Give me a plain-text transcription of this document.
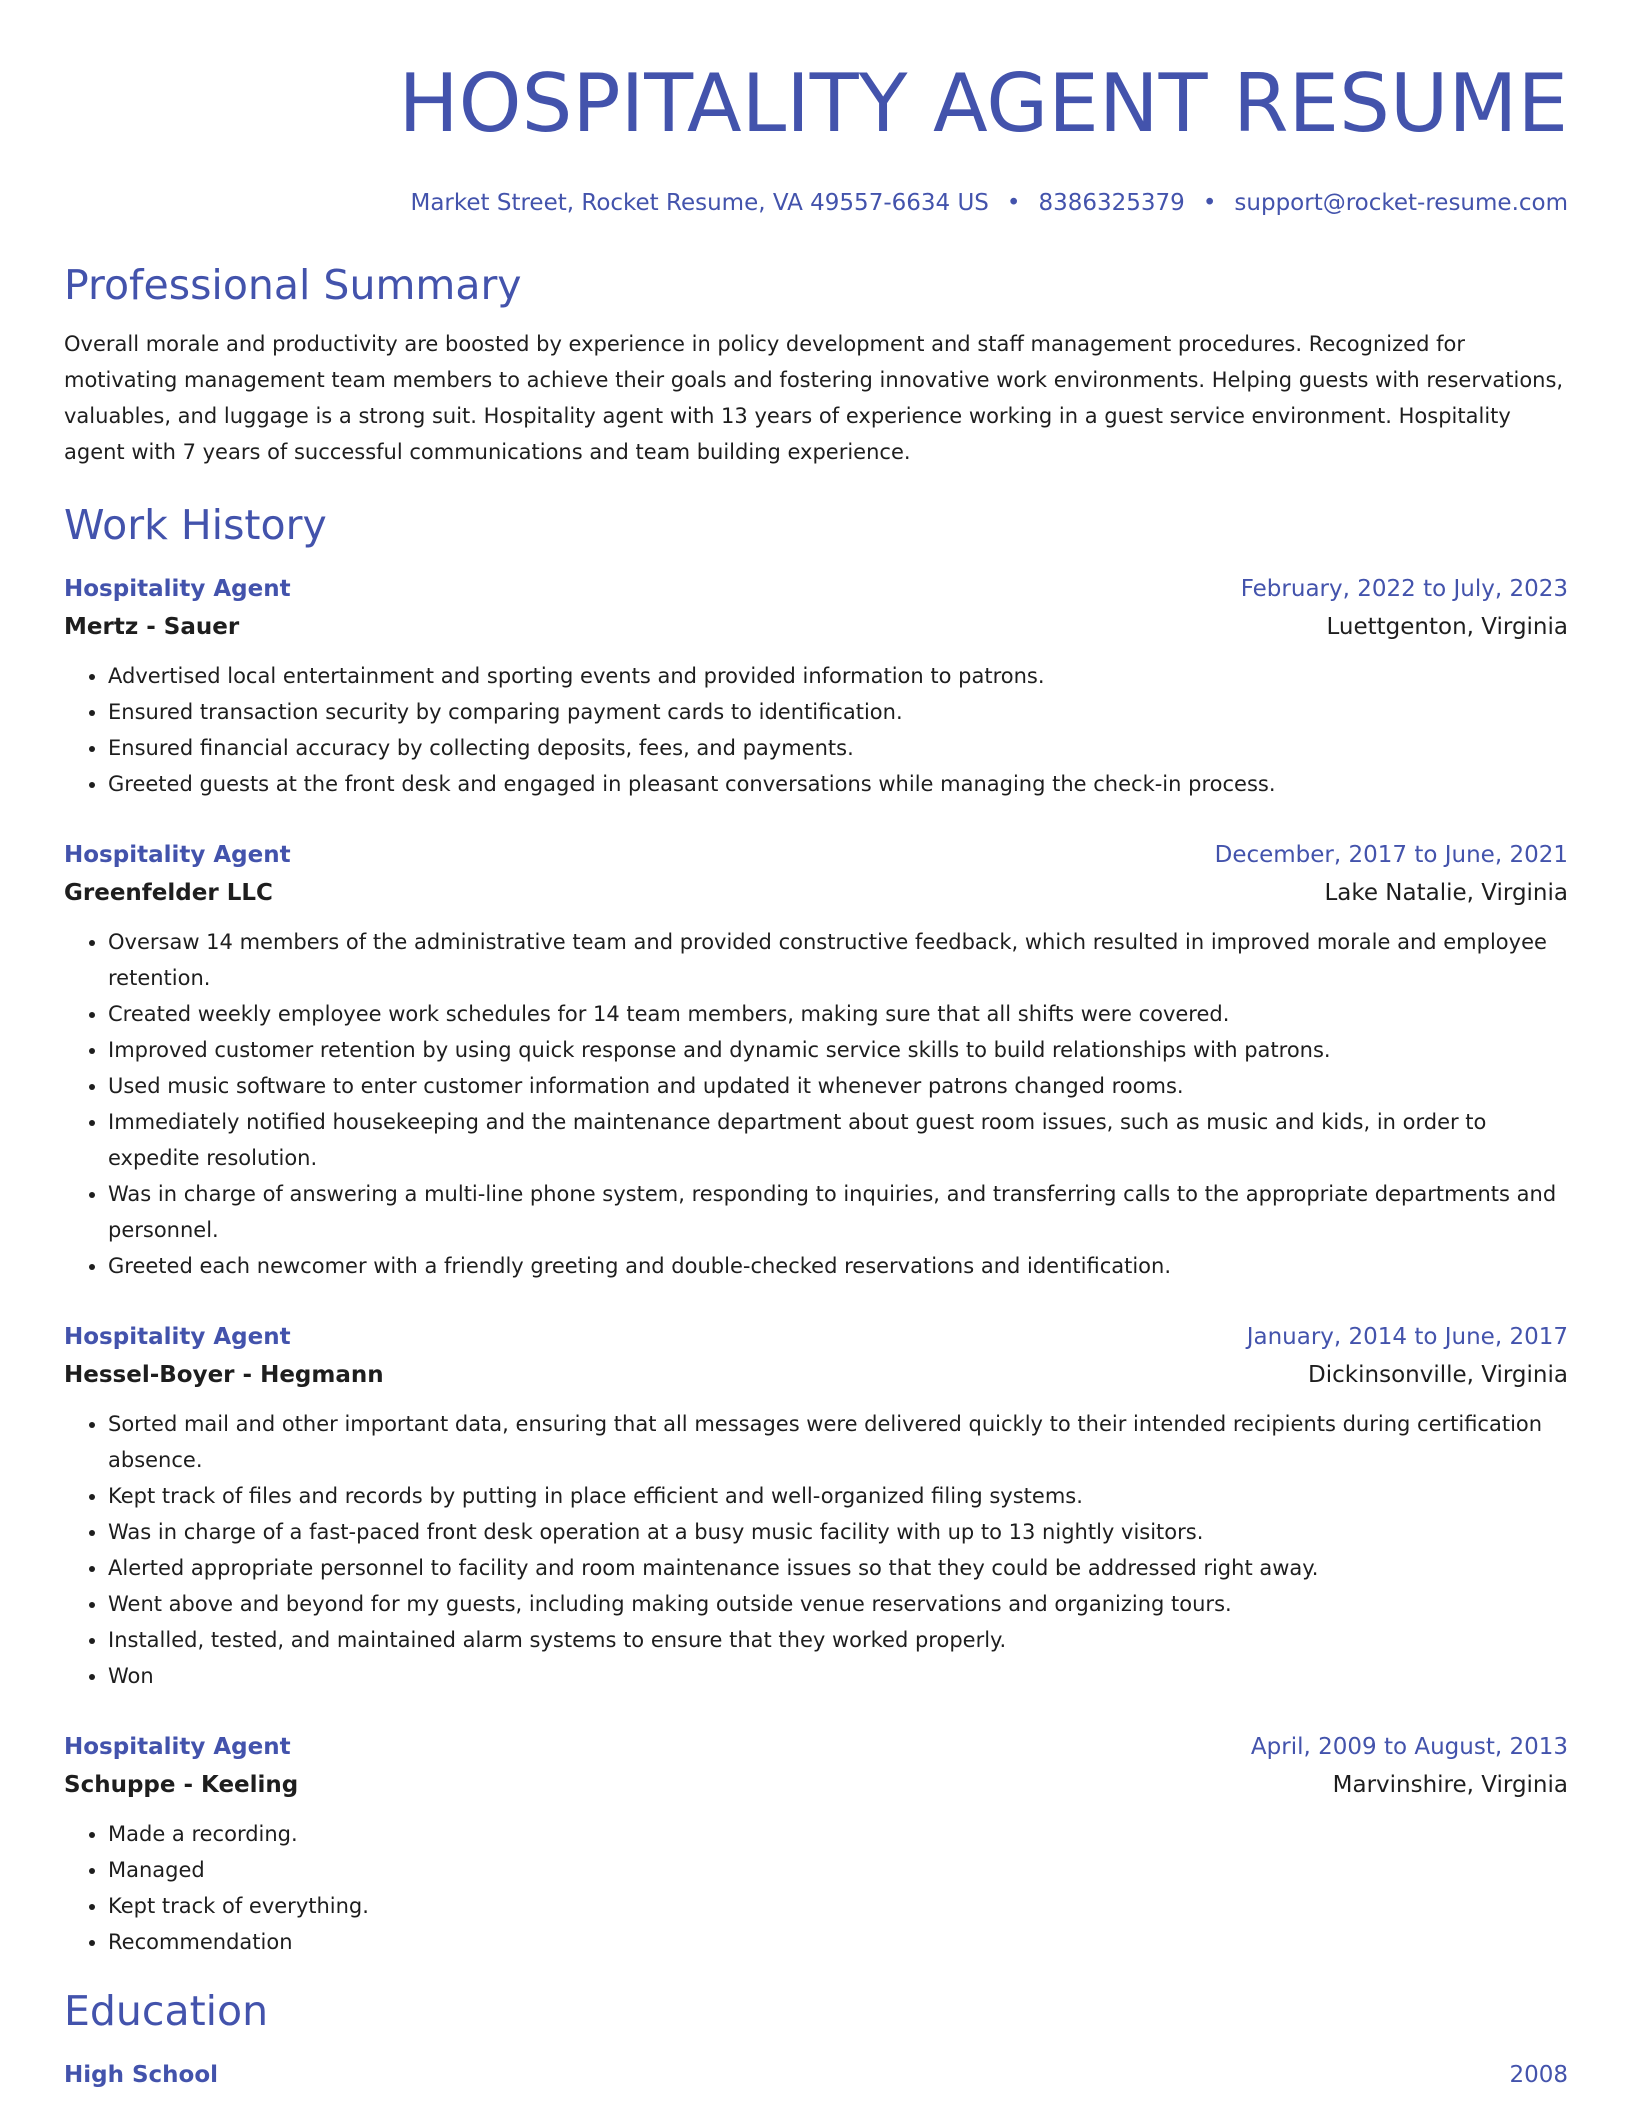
HOSPITALITY AGENT RESUME
Market Street, Rocket Resume, VA 49557-6634 US • 8386325379 • support@rocket-resume.com
Professional Summary

Overall morale and productivity are boosted by experience in policy development and staff management procedures. Recognized for motivating management team members to achieve their goals and fostering innovative work environments. Helping guests with reservations, valuables, and luggage is a strong suit. Hospitality agent with 13 years of experience working in a guest service environment. Hospitality agent with 7 years of successful communications and team building experience.

Work History
Hospitality Agent	February, 2022 to July, 2023
Mertz - Sauer	Luettgenton, Virginia
• Advertised local entertainment and sporting events and provided information to patrons.
• Ensured transaction security by comparing payment cards to identification.
• Ensured financial accuracy by collecting deposits, fees, and payments.
• Greeted guests at the front desk and engaged in pleasant conversations while managing the check-in process.
Hospitality Agent	December, 2017 to June, 2021
Greenfelder LLC	Lake Natalie, Virginia
• Oversaw 14 members of the administrative team and provided constructive feedback, which resulted in improved morale and employee retention.
• Created weekly employee work schedules for 14 team members, making sure that all shifts were covered.
• Improved customer retention by using quick response and dynamic service skills to build relationships with patrons.
• Used music software to enter customer information and updated it whenever patrons changed rooms.
• Immediately notified housekeeping and the maintenance department about guest room issues, such as music and kids, in order to expedite resolution.
• Was in charge of answering a multi-line phone system, responding to inquiries, and transferring calls to the appropriate departments and personnel.
• Greeted each newcomer with a friendly greeting and double-checked reservations and identification.
Hospitality Agent	January, 2014 to June, 2017
Hessel-Boyer - Hegmann	Dickinsonville, Virginia
• Sorted mail and other important data, ensuring that all messages were delivered quickly to their intended recipients during certification absence.
• Kept track of files and records by putting in place efficient and well-organized filing systems.
• Was in charge of a fast-paced front desk operation at a busy music facility with up to 13 nightly visitors.
• Alerted appropriate personnel to facility and room maintenance issues so that they could be addressed right away.
• Went above and beyond for my guests, including making outside venue reservations and organizing tours.
• Installed, tested, and maintained alarm systems to ensure that they worked properly.
• Won
Hospitality Agent	April, 2009 to August, 2013
Schuppe - Keeling	Marvinshire, Virginia
• Made a recording.
• Managed
• Kept track of everything.
• Recommendation
Education
High School	2008
